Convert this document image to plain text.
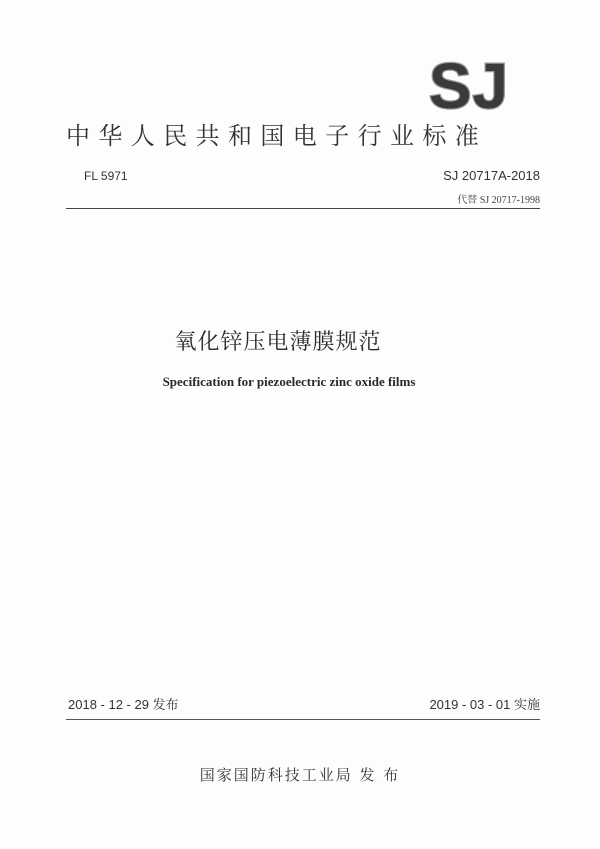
SJ
中华人民共和国电子行业标准
FL 5971	SJ 20717A-2018
代替 SJ 20717-1998
氧化锌压电薄膜规范
Specification for piezoelectric zinc oxide films
2018 - 12 - 29 发布	2019 - 03 - 01 实施
国家国防科技工业局 发 布
